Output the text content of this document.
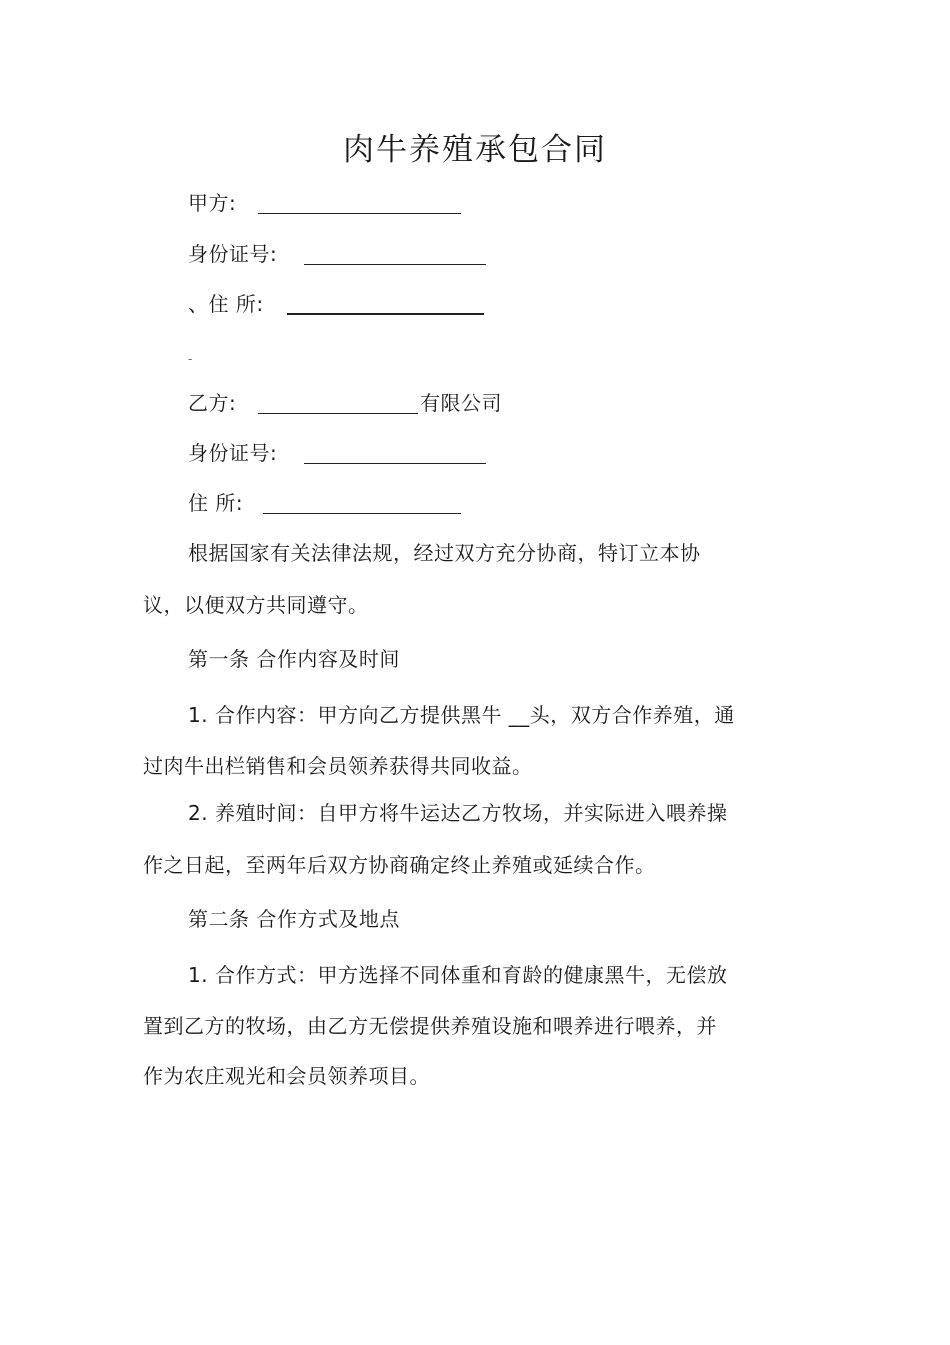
肉牛养殖承包合同
甲方:
身份证号:
、住 所:
-
乙方:	有限公司
身份证号:
住 所:
根据国家有关法律法规，经过双方充分协商，特订立本协
议，以便双方共同遵守。
第一条 合作内容及时间
1. 合作内容：甲方向乙方提供黑牛 __头，双方合作养殖，通
过肉牛出栏销售和会员领养获得共同收益。
2. 养殖时间：自甲方将牛运达乙方牧场，并实际进入喂养操
作之日起，至两年后双方协商确定终止养殖或延续合作。
第二条 合作方式及地点
1. 合作方式：甲方选择不同体重和育龄的健康黑牛，无偿放
置到乙方的牧场，由乙方无偿提供养殖设施和喂养进行喂养，并
作为农庄观光和会员领养项目。
